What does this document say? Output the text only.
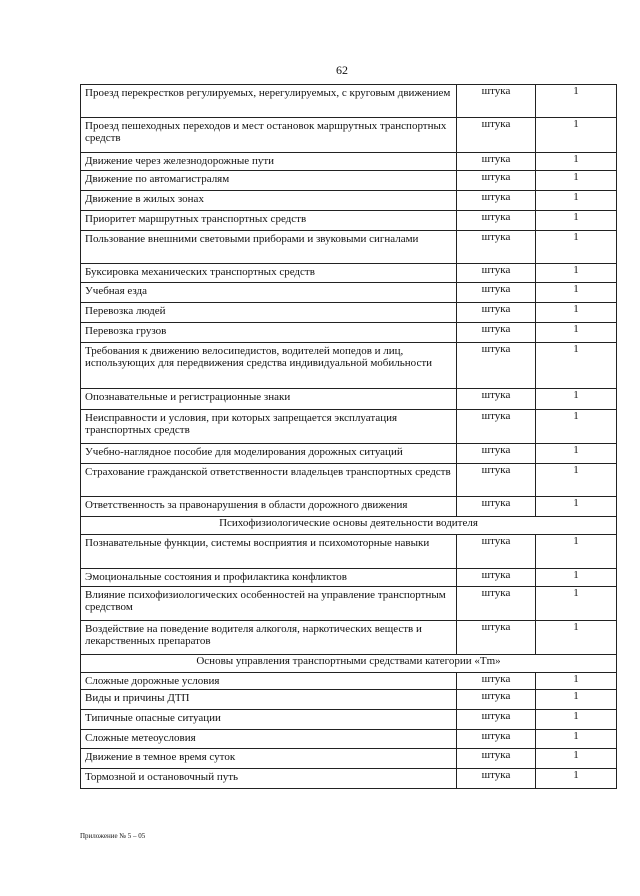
62
Проезд перекрестков регулируемых, нерегулируемых, с круговым движением	штука	1

Проезд пешеходных переходов и мест остановок маршрутных транспортных средств	штука	1

Движение через железнодорожные пути	штука	1

Движение по автомагистралям	штука	1

Движение в жилых зонах	штука	1

Приоритет маршрутных транспортных средств	штука	1

Пользование внешними световыми приборами и звуковыми сигналами	штука	1

Буксировка механических транспортных средств	штука	1

Учебная езда	штука	1

Перевозка людей	штука	1

Перевозка грузов	штука	1

Требования к движению велосипедистов, водителей мопедов и лиц, использующих для передвижения средства индивидуальной мобильности	штука	1

Опознавательные и регистрационные знаки	штука	1

Неисправности и условия, при которых запрещается эксплуатация транспортных средств	штука	1

Учебно-наглядное пособие для моделирования дорожных ситуаций	штука	1

Страхование гражданской ответственности владельцев транспортных средств	штука	1

Ответственность за правонарушения в области дорожного движения	штука	1
Психофизиологические основы деятельности водителя		

Познавательные функции, системы восприятия и психомоторные навыки	штука	1

Эмоциональные состояния и профилактика конфликтов	штука	1

Влияние психофизиологических особенностей на управление транспортным средством	штука	1

Воздействие на поведение водителя алкоголя, наркотических веществ и лекарственных препаратов	штука	1
Основы управления транспортными средствами категории «Tm»		

Сложные дорожные условия	штука	1

Виды и причины ДТП	штука	1

Типичные опасные ситуации	штука	1

Сложные метеоусловия	штука	1

Движение в темное время суток	штука	1

Тормозной и остановочный путь	штука	1
Приложение № 5 – 05
